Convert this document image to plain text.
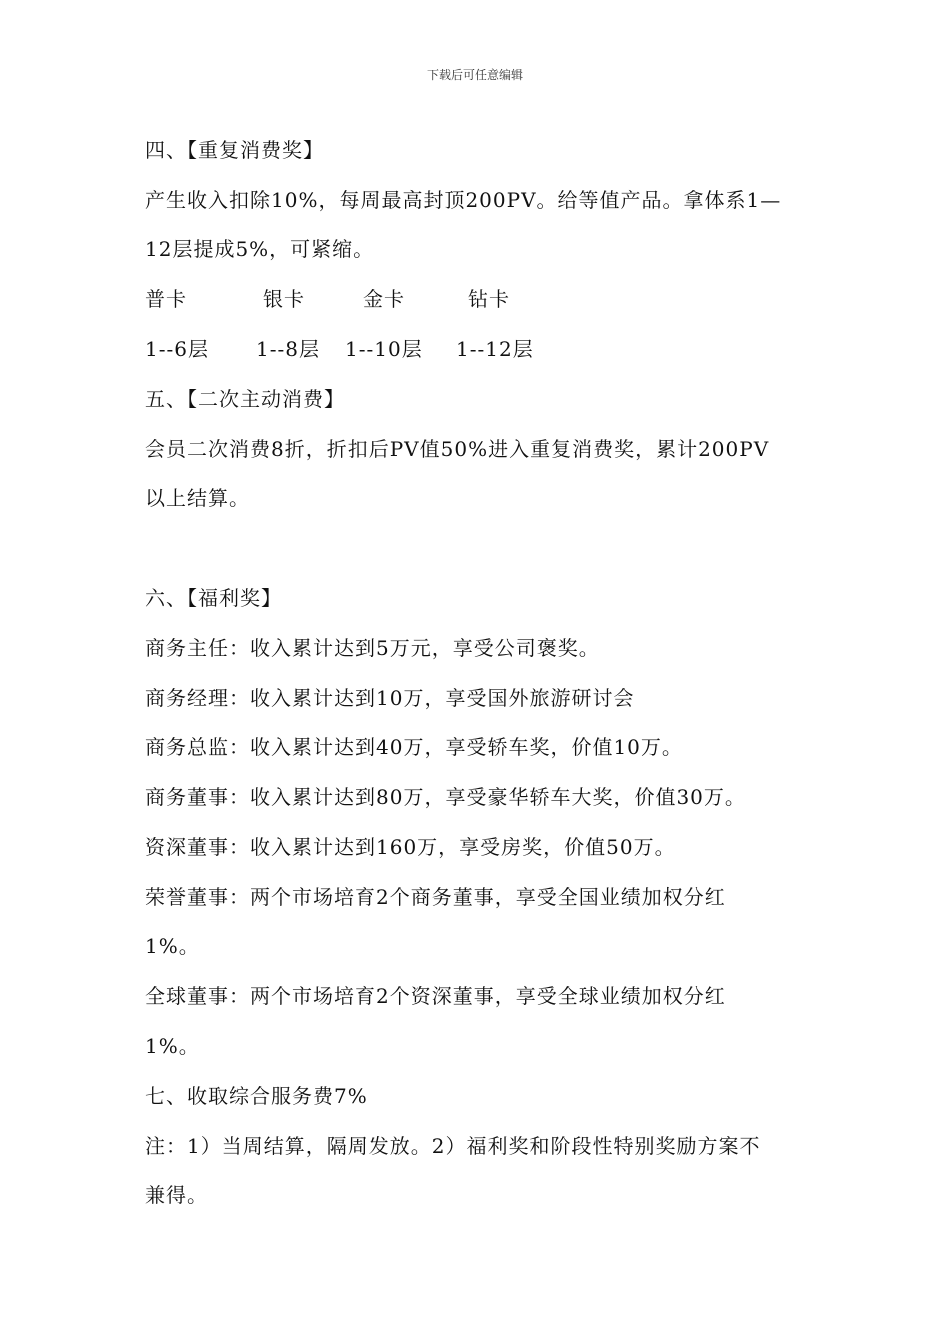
下载后可任意编辑
四、【重复消费奖】
产生收入扣除10%，每周最高封顶200PV。给等值产品。拿体系1—
12层提成5%，可紧缩。
普卡	银卡	金卡	钻卡
1--6层 1--8层 1--10层 1--12层
五、【二次主动消费】
会员二次消费8折，折扣后PV值50%进入重复消费奖，累计200PV
以上结算。
六、【福利奖】
商务主任：收入累计达到5万元，享受公司褒奖。
商务经理：收入累计达到10万，享受国外旅游研讨会
商务总监：收入累计达到40万，享受轿车奖，价值10万。
商务董事：收入累计达到80万，享受豪华轿车大奖，价值30万。
资深董事：收入累计达到160万，享受房奖，价值50万。
荣誉董事：两个市场培育2个商务董事，享受全国业绩加权分红
1%。
全球董事：两个市场培育2个资深董事，享受全球业绩加权分红
1%。
七、收取综合服务费7%
注：1）当周结算，隔周发放。2）福利奖和阶段性特别奖励方案不
兼得。
